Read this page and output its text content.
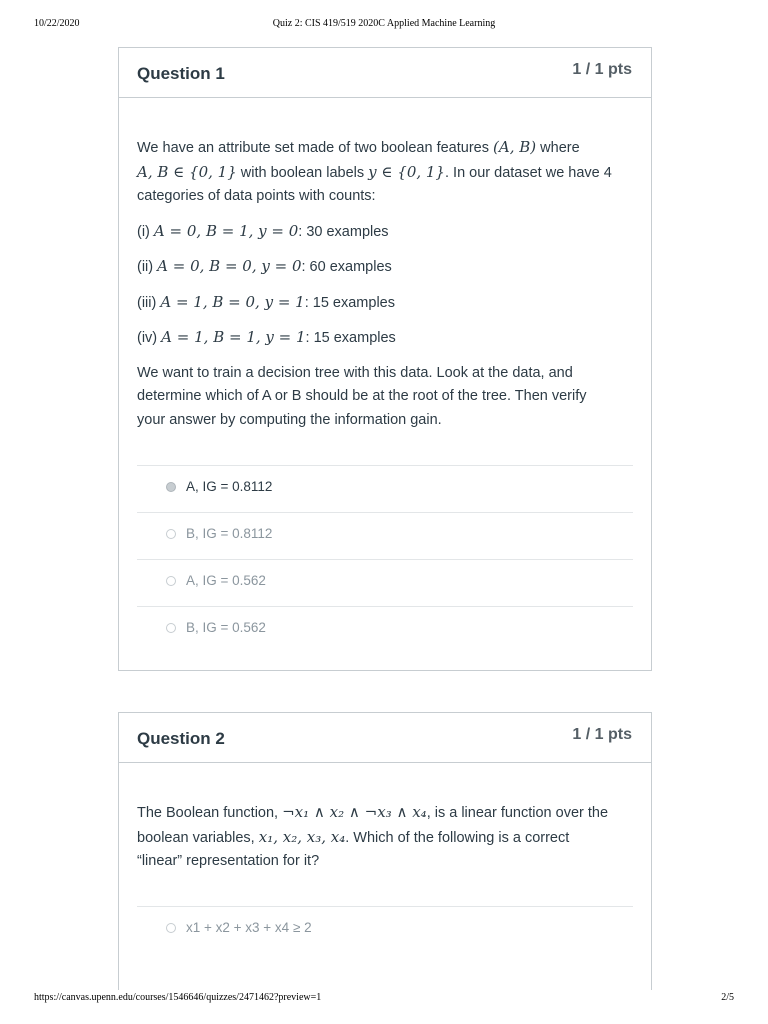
10/22/2020	Quiz 2: CIS 419/519 2020C Applied Machine Learning
Question 1	1 / 1 pts

We have an attribute set made of two boolean features (A, B) where
A, B ∈ {0, 1} with boolean labels y ∈ {0, 1}. In our dataset we have 4
categories of data points with counts:

(i) A = 0, B = 1, y = 0: 30 examples

(ii) A = 0, B = 0, y = 0: 60 examples

(iii) A = 1, B = 0, y = 1: 15 examples

(iv) A = 1, B = 1, y = 1: 15 examples

We want to train a decision tree with this data. Look at the data, and
determine which of A or B should be at the root of the tree. Then verify
your answer by computing the information gain.

A, IG = 0.8112
B, IG = 0.8112
A, IG = 0.562
B, IG = 0.562
Question 2	1 / 1 pts

The Boolean function, ¬x₁ ∧ x₂ ∧ ¬x₃ ∧ x₄, is a linear function over the
boolean variables, x₁, x₂, x₃, x₄. Which of the following is a correct
“linear” representation for it?

x1 + x2 + x3 + x4 ≥ 2
https://canvas.upenn.edu/courses/1546646/quizzes/2471462?preview=1	2/5
